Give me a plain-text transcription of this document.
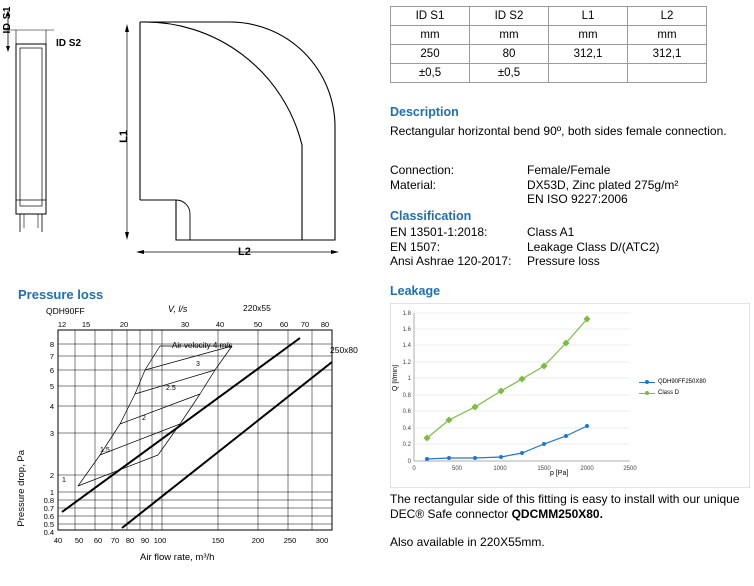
ID S1
ID S2
L1
L2
Pressure loss
QDH90FF	V, l/s	220x55
250x80
Air velocity 4 m/s
Pressure drop, Pa
Air flow rate, m³/h
3
2.5
2
1.5
1
8
7
6
5
4
3
2
1
0.8
0.7
0.6
0.5
0.4
12 15	20	30	40	50 60 70 80
40 50 60 70 80 90 100	150	200	250	300
ID S1	ID S2	L1	L2
mm	mm	mm	mm
250	80	312,1	312,1
±0,5	±0,5		
Description
Rectangular horizontal bend 90º, both sides female connection.
Connection:	Female/Female
Material:	DX53D, Zinc plated 275g/m²
EN ISO 9227:2006
Classification
EN 13501-1:2018:	Class A1
EN 1507:	Leakage Class D/(ATC2)
Ansi Ashrae 120-2017:	Pressure loss
Leakage
p [Pa]
Q [l/min]
0
0.2
0.4
0.6
0.8
1
1.2
1.4
1.6
1.8
0	500	1000	1500	2000	2500
QDH90FF250X80
Class D
The rectangular side of this fitting is easy to install with our unique DEC® Safe connector QDCMM250X80.
Also available in 220X55mm.
